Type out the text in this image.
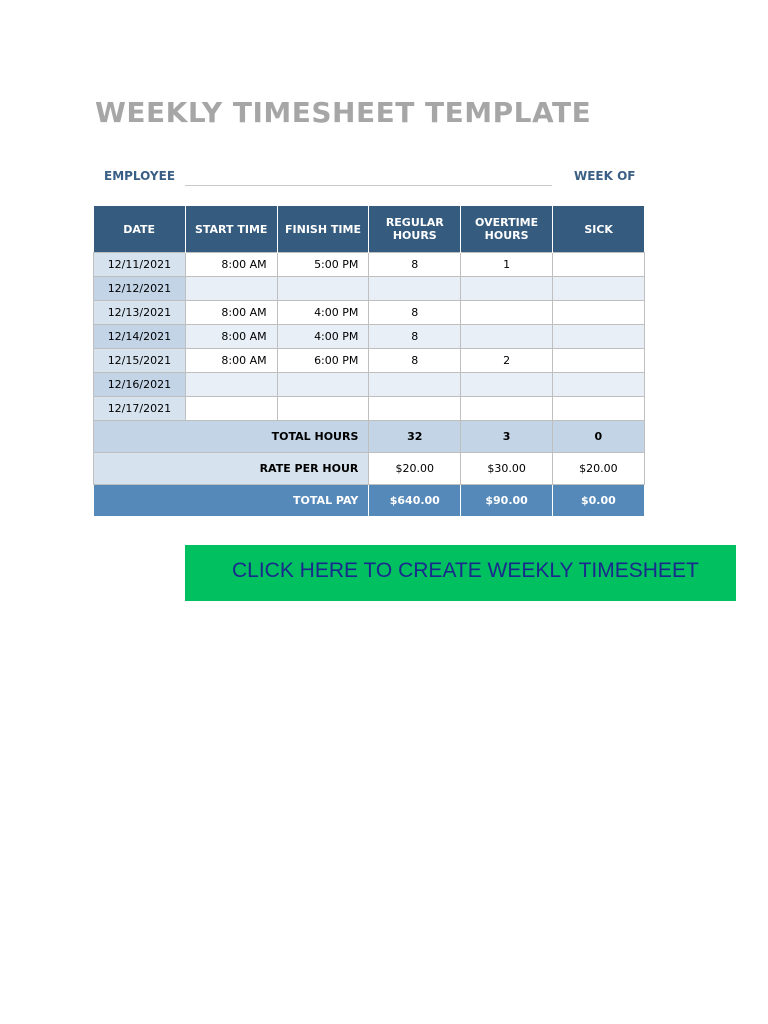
WEEKLY TIMESHEET TEMPLATE
EMPLOYEE	WEEK OF
DATE	START TIME	FINISH TIME	REGULAR HOURS	OVERTIME HOURS	SICK
12/11/2021	8:00 AM	5:00 PM	8	1	
12/12/2021					
12/13/2021	8:00 AM	4:00 PM	8		
12/14/2021	8:00 AM	4:00 PM	8		
12/15/2021	8:00 AM	6:00 PM	8	2	
12/16/2021					
12/17/2021					
TOTAL HOURS			32	3	0
RATE PER HOUR			$20.00	$30.00	$20.00
TOTAL PAY			$640.00	$90.00	$0.00
CLICK HERE TO CREATE WEEKLY TIMESHEET
